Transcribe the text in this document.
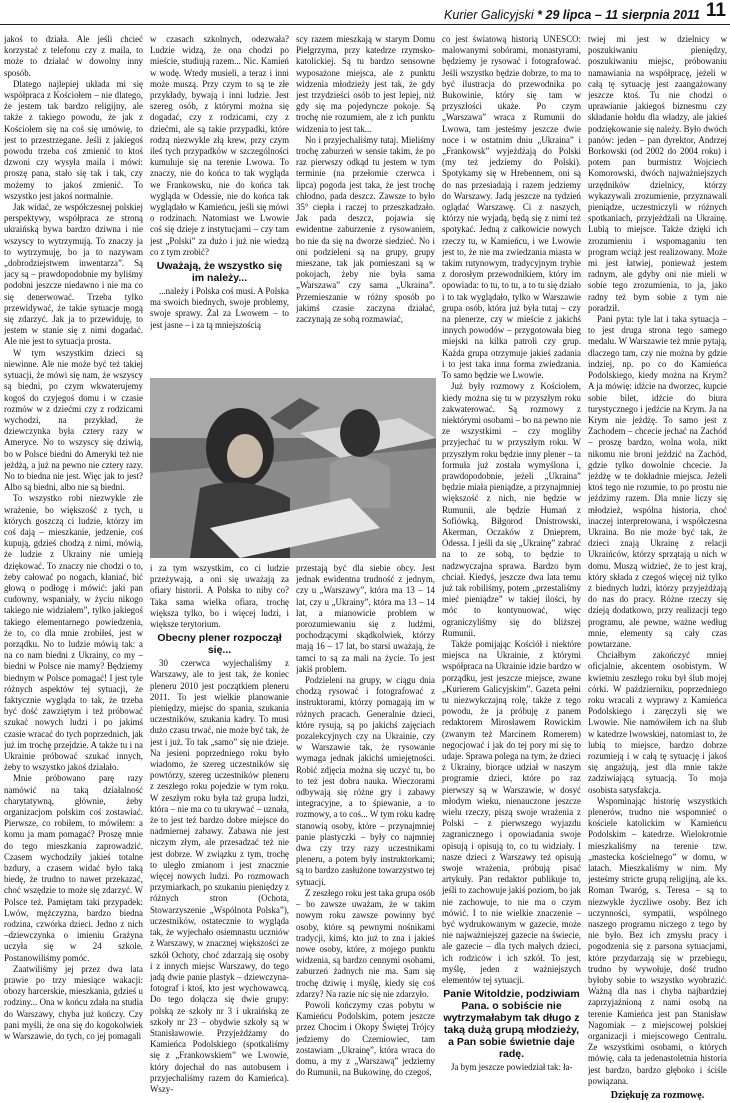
Kurier Galicyjski * 29 lipca – 11 sierpnia 2011 11

jakoś to działa. Ale jeśli chcieć korzystać z telefonu czy z maila, to może to działać w dowolny inny sposób.

Dlatego najlepiej układa mi się współpraca z Kościołem – nie dlatego, że jestem tak bardzo religijny, ale także z takiego powodu, że jak z Kościołem się na coś się umówię, to jest to przestrzegane. Jeśli z jakiegoś powodu trzeba coś zmienić to ktoś dzwoni czy wysyła maila i mówi: proszę pana, stało się tak i tak, czy możemy to jakoś zmienić. To wszystko jest jakoś normalnie.

Jak widać, ze współczesnej polskiej perspektywy, współpraca ze stroną ukraińską bywa bardzo dziwna i nie wszyscy to wytrzymują. To znaczy ja to wytrzymuję, bo ja to nazywam „dobrodziejstwem inwentarza”. Są jacy są – prawdopodobnie my byliśmy podobni jeszcze niedawno i nie ma co się denerwować. Trzeba tylko przewidywać, że takie sytuacje mogą się zdarzyć. Jak ja to przewiduję, to jestem w stanie się z nimi dogadać. Ale nie jest to sytuacja prosta.

W tym wszystkim dzieci są niewinne. Ale nie może być też takiej sytuacji, że mówi się nam, że wszyscy są biedni, po czym wkwaterujemy kogoś do czyjegoś domu i w czasie rozmów w z dziećmi czy z rodzicami wychodzi, na przykład, że dziewczynka była cztery razy w Ameryce. No to wszyscy się dziwią, bo w Polsce biedni do Ameryki też nie jeżdżą, a już na pewno nie cztery razy. No to biedna nie jest. Więc jak to jest? Albo są biedni, albo nie są biedni.

To wszystko robi niezwykle złe wrażenie, bo większość z tych, u których goszczą ci ludzie, którzy im coś dają – mieszkanie, jedzenie, coś kupują, gdzieś chodzą z nimi, mówią, że ludzie z Ukrainy nie umieją dziękować. To znaczy nie chodzi o to, żeby całować po nogach, kłaniać, bić głową o podłogę i mówić: jaki pan cudowny, wspaniały, w życiu nikogo takiego nie widziałem”, tylko jakiegoś takiego elementarnego powiedzenia, że to, co dla mnie zrobiłeś, jest w porządku. No to ludzie mówią tak: a na co nam biedni z Ukrainy, co my – biedni w Polsce nie mamy? Będziemy biednym w Polsce pomagać! I jest tyle różnych aspektów tej sytuacji, że faktycznie wygląda to tak, że trzeba być dość zawziętym i też próbować szukać nowych ludzi i po jakimś czasie wracać do tych poprzednich, jak już im trochę przejdzie. A także tu i na Ukrainie próbować szukać innych, żeby to wszystko jakoś działało.

Mnie próbowano parę razy namówić na taką działalność charytatywną, głównie, żeby organizacjom polskim coś zostawiać. Pierwsze, co robiłem, to mówiłem: a komu ja mam pomagać? Proszę mnie do tego mieszkania zaprowadzić. Czasem wychodziły jakieś totalne bzdury, a czasem widać było taką biedę, że trudno to nawet przekazać, choć wszędzie to może się zdarzyć. W Polsce też. Pamiętam taki przypadek: Lwów, mężczyzna, bardzo biedna rodzina, czwórka dzieci. Jedno z nich –dziewczynka o imieniu Grażyna uczyła się w 24 szkole. Postanowiliśmy pomóc.

Zaatwiliśmy jej przez dwa lata prawie po trzy miesiące wakacji: obozy harcerskie, mieszkania, gdzieś u rodziny... Ona w końcu zdała na studia do Warszawy, chyba już kończy. Czy pani myśli, że ona się do kogokolwiek w Warszawie, do tych, co jej pomagali

w czasach szkolnych, odezwała? Ludzie widzą, że ona chodzi po mieście, studiują razem... Nic. Kamień w wodę. Wtedy musieli, a teraz i inni może muszą. Przy czym to są te złe przykłady, bywają i inni ludzie. Jest szereg osób, z którymi można się dogadać, czy z rodzicami, czy z dziećmi, ale są takie przypadki, które rodzą niezwykle złą krew, przy czym ileś tych przypadków w szczególności kumuluje się na terenie Lwowa. To znaczy, nie do końca to tak wygląda we Frankowsku, nie do końca tak wygląda w Odessie, nie do końca tak wyglądało w Kamieńcu, jeśli się mówi o rodzinach. Natomiast we Lwowie coś się dzieje z instytucjami – czy tam jest „Polski” za dużo i już nie wiedzą co z tym zrobić?

Uważają, że wszystko się im należy...

...należy i Polska coś musi. A Polska ma swoich biednych, swoje problemy, swoje sprawy. Żal za Lwowem – to jest jasne – i za tą mniejszością

scy razem mieszkają w starym Domu Pielgrzyma, przy katedrze rzymsko-katolickiej. Są tu bardzo sensowne wyposażone miejsca, ale z punktu widzenia młodzieży jest tak, że gdy jest trzydzieści osób to jest lepiej, niż gdy się ma pojedyncze pokoje. Są trochę nie rozumiem, ale z ich punktu widzenia to jest tak...

No i przyjechaliśmy tutaj. Mieliśmy trochę zaburzeń w sensie takim, że po raz pierwszy odkąd tu jestem w tym terminie (na przełomie czerwca i lipca) pogoda jest taka, że jest trochę chłodno, pada deszcz. Zawsze to było 35° ciepła i raczej to przeszkadzało. Jak pada deszcz, pojawia się ewidentne zaburzenie z rysowaniem, bo nie da się na dworze siedzieć. No i oni podzieleni są na grupy, grupy mieszane, tak jak pomieszani są w pokojach, żeby nie była sama „Warszawa” czy sama „Ukraina”. Przemieszanie w różny sposób po jakimś czasie zaczyna działać, zaczynają ze sobą rozmawiać,

i za tym wszystkim, co ci ludzie przeżywają, a oni się uważają za ofiary historii. A Polska to niby co? Taka sama wielka ofiara, trochę większa tylko, bo i więcej ludzi, i większe terytorium.

Obecny plener rozpoczął się...

30 czerwca wyjechaliśmy z Warszawy, ale to jest tak, że koniec pleneru 2010 jest początkiem pleneru 2011. To jest wielkie planowanie pieniędzy, miejsc do spania, szukania uczestników, szukania kadry. To musi dużo czasu trwać, nie może być tak, że jest i już. To tak „samo” się nie dzieje. Na jesieni poprzedniego roku było wiadomo, że szereg uczestników się powtórzy, szereg uczestników pleneru z zeszłego roku pojedzie w tym roku. W zeszłym roku była taż grupa ludzi, która – nie ma co tu ukrywać – uznała, że to jest też bardzo dobre miejsce do nadmiernej zabawy. Zabawa nie jest niczym złym, ale przesadzać też nie jest dobrze. W związku z tym, trochę to uległo zmianom i jest znacznie więcej nowych ludzi. Po rozmowach przymiarkach, po szukaniu pieniędzy z różnych stron (Ochota, Stowarzyszenie „Wspólnota Polska”), uczestników, ostatecznie to wygląda tak, że wyjechało osiemnastu uczniów z Warszawy, w znacznej większości ze szkół Ochoty, choć zdarzają się osoby i z innych miejsc Warszawy, do tego jadą dwie panie plastyk – dziewczyna-fotograf i ktoś, kto jest wychowawcą. Do tego dołącza się dwie grupy: polską ze szkoły nr 3 i ukraińską ze szkoły nr 23 – obydwie szkoły są w Stanisławowie. Przyjeżdżamy do Kamieńca Podolskiego (spotkaliśmy się z „Frankowskiem” we Lwowie, który dojechał do nas autobusem i przyjechaliśmy razem do Kamieńca). Wszy-

przestają być dla siebie obcy. Jest jednak ewidentna trudność z jednym, czy u „Warszawy”, która ma 13 – 14 lat, czy u „Ukrainy”, która ma 13 – 14 lat, a mianowicie problem w porozumiewaniu się z ludźmi, pochodzącymi skądkolwiek, którzy mają 16 – 17 lat, bo starsi uważają, że tamci to są za mali na życie. To jest jakiś problem.

Podzieleni na grupy, w ciągu dnia chodzą rysować i fotografować z instruktorami, którzy pomagają im w różnych pracach. Generalnie dzieci, które rysują, są po jakichś zajęciach pozalekcyjnych czy na Ukrainie, czy w Warszawie tak, że rysowanie wymaga jednak jakichś umiejętności. Robić zdjęcia można się uczyć tu, bo to też jest dobra nauka. Wieczorami odbywają się różne gry i zabawy integracyjne, a to śpiewanie, a to rozmowy, a to coś... W tym roku kadrę stanowią osoby, które – przynajmniej panie plastyczki – były co najmniej dwa czy trzy razy uczestnikami pleneru, a potem były instruktorkami; są to bardzo zasłużone towarzystwo tej sytuacji.

Z zeszłego roku jest taka grupa osób – bo zawsze uważam, że w takim nowym roku zawsze powinny być osoby, które są pewnymi nośnikami tradycji, kimś, kto już to zna i jakieś nowe osoby, które, z mojego punktu widzenia, są bardzo cennymi osobami, zaburzeń żadnych nie ma. Sam się trochę dziwię i myślę, kiedy się coś zdarzy? Na razie nic się nie zdarzyło.

Powoli kończymy czas pobytu w Kamieńcu Podolskim, potem jeszcze przez Chocim i Okopy Świętej Trójcy jedziemy do Czerniowiec, tam zostawiam „Ukrainę”, która wraca do domu, a my z „Warszawą” jedziemy do Rumunii, na Bukowinę, do czegoś,

co jest światową historią UNESCO: malowanymi sobórami, monastyrami, będziemy je rysować i fotografować. Jeśli wszystko będzie dobrze, to ma to być ilustracja do przewodnika po Bukowinie, który się tam w przyszłości ukaże. Po czym „Warszawa” wraca z Rumunii do Lwowa, tam jesteśmy jeszcze dwie noce i w ostatnim dniu „Ukraina” i „Frankowsk” wyjeżdżają do Polski (my też jedziemy do Polski). Spotykamy się w Hrebennem, oni są do nas przesiadają i razem jedziemy do Warszawy. Jadą jeszcze na tydzień oglądać Warszawę. Ci z naszych, którzy nie wyjadą, będą się z nimi też spotykać. Jedną z całkowicie nowych rzeczy tu, w Kamieńcu, i we Lwowie jest to, że nie ma zwiedzania miasta w takim rutynowym, tradycyjnym trybie z dorosłym przewodnikiem, który im opowiada: to tu, to tu, a to tu się działo i to tak wyglądało, tylko w Warszawie grupa osób, która już była tutaj – czy na plenerze, czy w mieście z jakichś innych powodów – przygotowała bieg miejski na kilka patroli czy grup. Każda grupa otrzymuje jakieś zadania i to jest taka inna forma zwiedzania. To samo będzie we Lwowie.

Już były rozmowy z Kościołem, kiedy można się tu w przyszłym roku zakwaterować. Są rozmowy z niektórymi osobami – bo na pewno nie ze wszystkimi – czy mogliby przyjechać tu w przyszłym roku. W przyszłym roku będzie inny plener – ta formuła już została wymyślona i, prawdopodobnie, jeżeli „Ukraina” będzie miała pieniądze, a przynajmniej większość z nich, nie będzie w Rumunii, ale będzie Humań z Sofiówką, Biłgorod Dnistrowski, Akerman, Oczaków z Dnieprem, Odessa. I jeśli da się „Ukrainę” zabrać na to ze sobą, to będzie to nadzwyczajna sprawa. Bardzo bym chciał. Kiedyś, jeszcze dwa lata temu już tak robiliśmy, potem „przestaliśmy mieć pieniądze” w takiej ilości, by móc to kontynuować, więc ograniczyliśmy się do bliższej Rumunii.

Także pomijając Kościół i niektóre miejsca na Ukrainie, z którymi współpraca na Ukrainie idzie bardzo w porządku, jest jeszcze miejsce, zwane „Kurierem Galicyjskim”. Gazeta pełni tu niezwykczajną rolę, także z tego powodu, że ja próbuję z panem redaktorem Mirosławem Rowickim (zwanym też Marcinem Romerem) negocjować i jak do tej pory mi się to udaje. Sprawa polega na tym, że dzieci z Ukrainy, biorące udział w naszym programie dzieci, które po raz pierwszy są w Warszawie, w dosyć młodym wieku, nienauczone jeszcze wielu rzeczy, piszą swoje wrażenia z Polski – z pierwszego wyjazdu zagranicznego i opowiadania swoje opisują i opisują to, co tu widziały. I nasze dzieci z Warszawy też opisują swoje wrażenia, próbują pisać artykuły. Pan redaktor publikuje to, jeśli to zachowuje jakiś poziom, bo jak nie zachowuje, to nie ma o czym mówić. I to nie wielkie znaczenie – być wydrukowanym w gazecie, może nie najważniejszej gazecie na świecie, ale gazecie – dla tych małych dzieci, ich rodziców i ich szkół. To jest, myślę, jeden z ważniejszych elementów tej sytuacji.

Panie Witoldzie, podziwiam Pana. o sobiście nie wytrzymałabym tak długo z taką dużą grupą młodzieży, a Pan sobie świetnie daje radę.

Ja bym jeszcze powiedział tak: ła-

twiej mi jest w dzielnicy w poszukiwaniu pieniędzy, poszukiwaniu miejsc, próbowaniu namawiania na współpracę, jeżeli w całą tę sytuację jest zaangażowany jeszcze ktoś. Tu nie chodzi o uprawianie jakiegoś biznesmu czy składanie hołdu dla władzy, ale jakieś podziękowanie się należy. Było dwóch panów: jeden – pan dyrektor, Andrzej Borkowski (od 2002 do 2004 roku) i potem pan burmistrz Wojciech Komorowski, dwóch najważniejszych urzędników dzielnicy, którzy wykazywali zrozumienie, przyznawali pieniądze, uczestniczyli w różnych spotkaniach, przyjeżdżali na Ukrainę. Lubią to miejsce. Także dzięki ich zrozumieniu i wspomaganiu ten program wciąż jest realizowany. Może mi jest łatwiej, ponieważ jestem radnym, ale gdyby oni nie mieli w sobie tego zrozumienia, to ja, jako radny też bym sobie z tym nie poradził.

Pani pyta: tyle lat i taka sytuacja – to jest druga strona tego samego medalu. W Warszawie też mnie pytają, dlaczego tam, czy nie można by gdzie indziej, np. po co do Kamieńca Podolskiego, kiedy można na Krym? A ja mówię: idźcie na dworzec, kupcie sobie bilet, idźcie do biura turystycznego i jedźcie na Krym. Ja na Krym nie jeżdżę. To samo jest z Zachodem – chcecie jechać na Zachód – proszę bardzo, wolna wola, nikt nikomu nie broni jeździć na Zachód, gdzie tylko dowolnie chcecie. Ja jeżdżę w te dokładnie miejsca. Jeżeli ktoś tego nie rozumie, to po prostu nie jeździmy razem. Dla mnie liczy się młodzież, wspólna historia, choć inaczej interpretowana, i współczesna Ukraina. Bo nie może być tak, że dzieci znają Ukrainę z relacji Ukraińców, którzy sprzątają u nich w domu. Muszą widzieć, że to jest kraj, który składa z czegoś więcej niż tylko z biednych ludzi, którzy przyjeżdżają do nas do pracy. Różne rzeczy się dzieją dodatkowo, przy realizacji tego programu, ale pewne, ważne według mnie, elementy są cały czas powtarzane.

Chciałbym zakończyć mniej oficjalnie, akcentem osobistym. W kwietniu zeszłego roku był ślub mojej córki. W październiku, poprzedniego roku wracali z wyprawy z Kamieńca Podolskiego i zaręczyli się we Lwowie. Nie namówiłem ich na ślub w katedrze lwowskiej, natomiast to, że lubią to miejsce, bardzo dobrze rozumieją i w całą tę sytuację i jakoś się angażują, jest dla mnie także zadziwiającą sytuacją. To moja osobista satysfakcja.

Wspominając historię wszystkich plenerów, trudno nie wspomnieć o kościele katolickim w Kamieńcu Podolskim – katedrze. Wielokrotnie mieszkaliśmy na terenie tzw. „mastecka kościelnego” w domu, w latach. Mieszkaliśmy w nim. My jesteśmy stricte grupą religijną, ale ks. Roman Twaróg, s. Teresa – są to niezwykle życzliwe osoby. Bez ich uczynności, sympatii, wspólnego naszego programu niczego z tego by nie było. Bez ich zmysłu pracy i pogodzenia się z parsona sytuacjami, które przydarzają się w przebiegu, trudno by wywołuje, dość trudno byłoby sobie to wszystko wyobrazić. Ważną dla nas i chyba najbardziej zaprzyjaźnioną z nami osobą na terenie Kamieńca jest pan Stanisław Nagomiak – z miejscowej polskiej organizacji i miejscowego Centralu. Ze wszystkimi osobami, o których mówię, cała ta jedenastoletnia historia jest bardzo, bardzo głęboko i ściśle powiązana.

Dziękuję za rozmowę.
